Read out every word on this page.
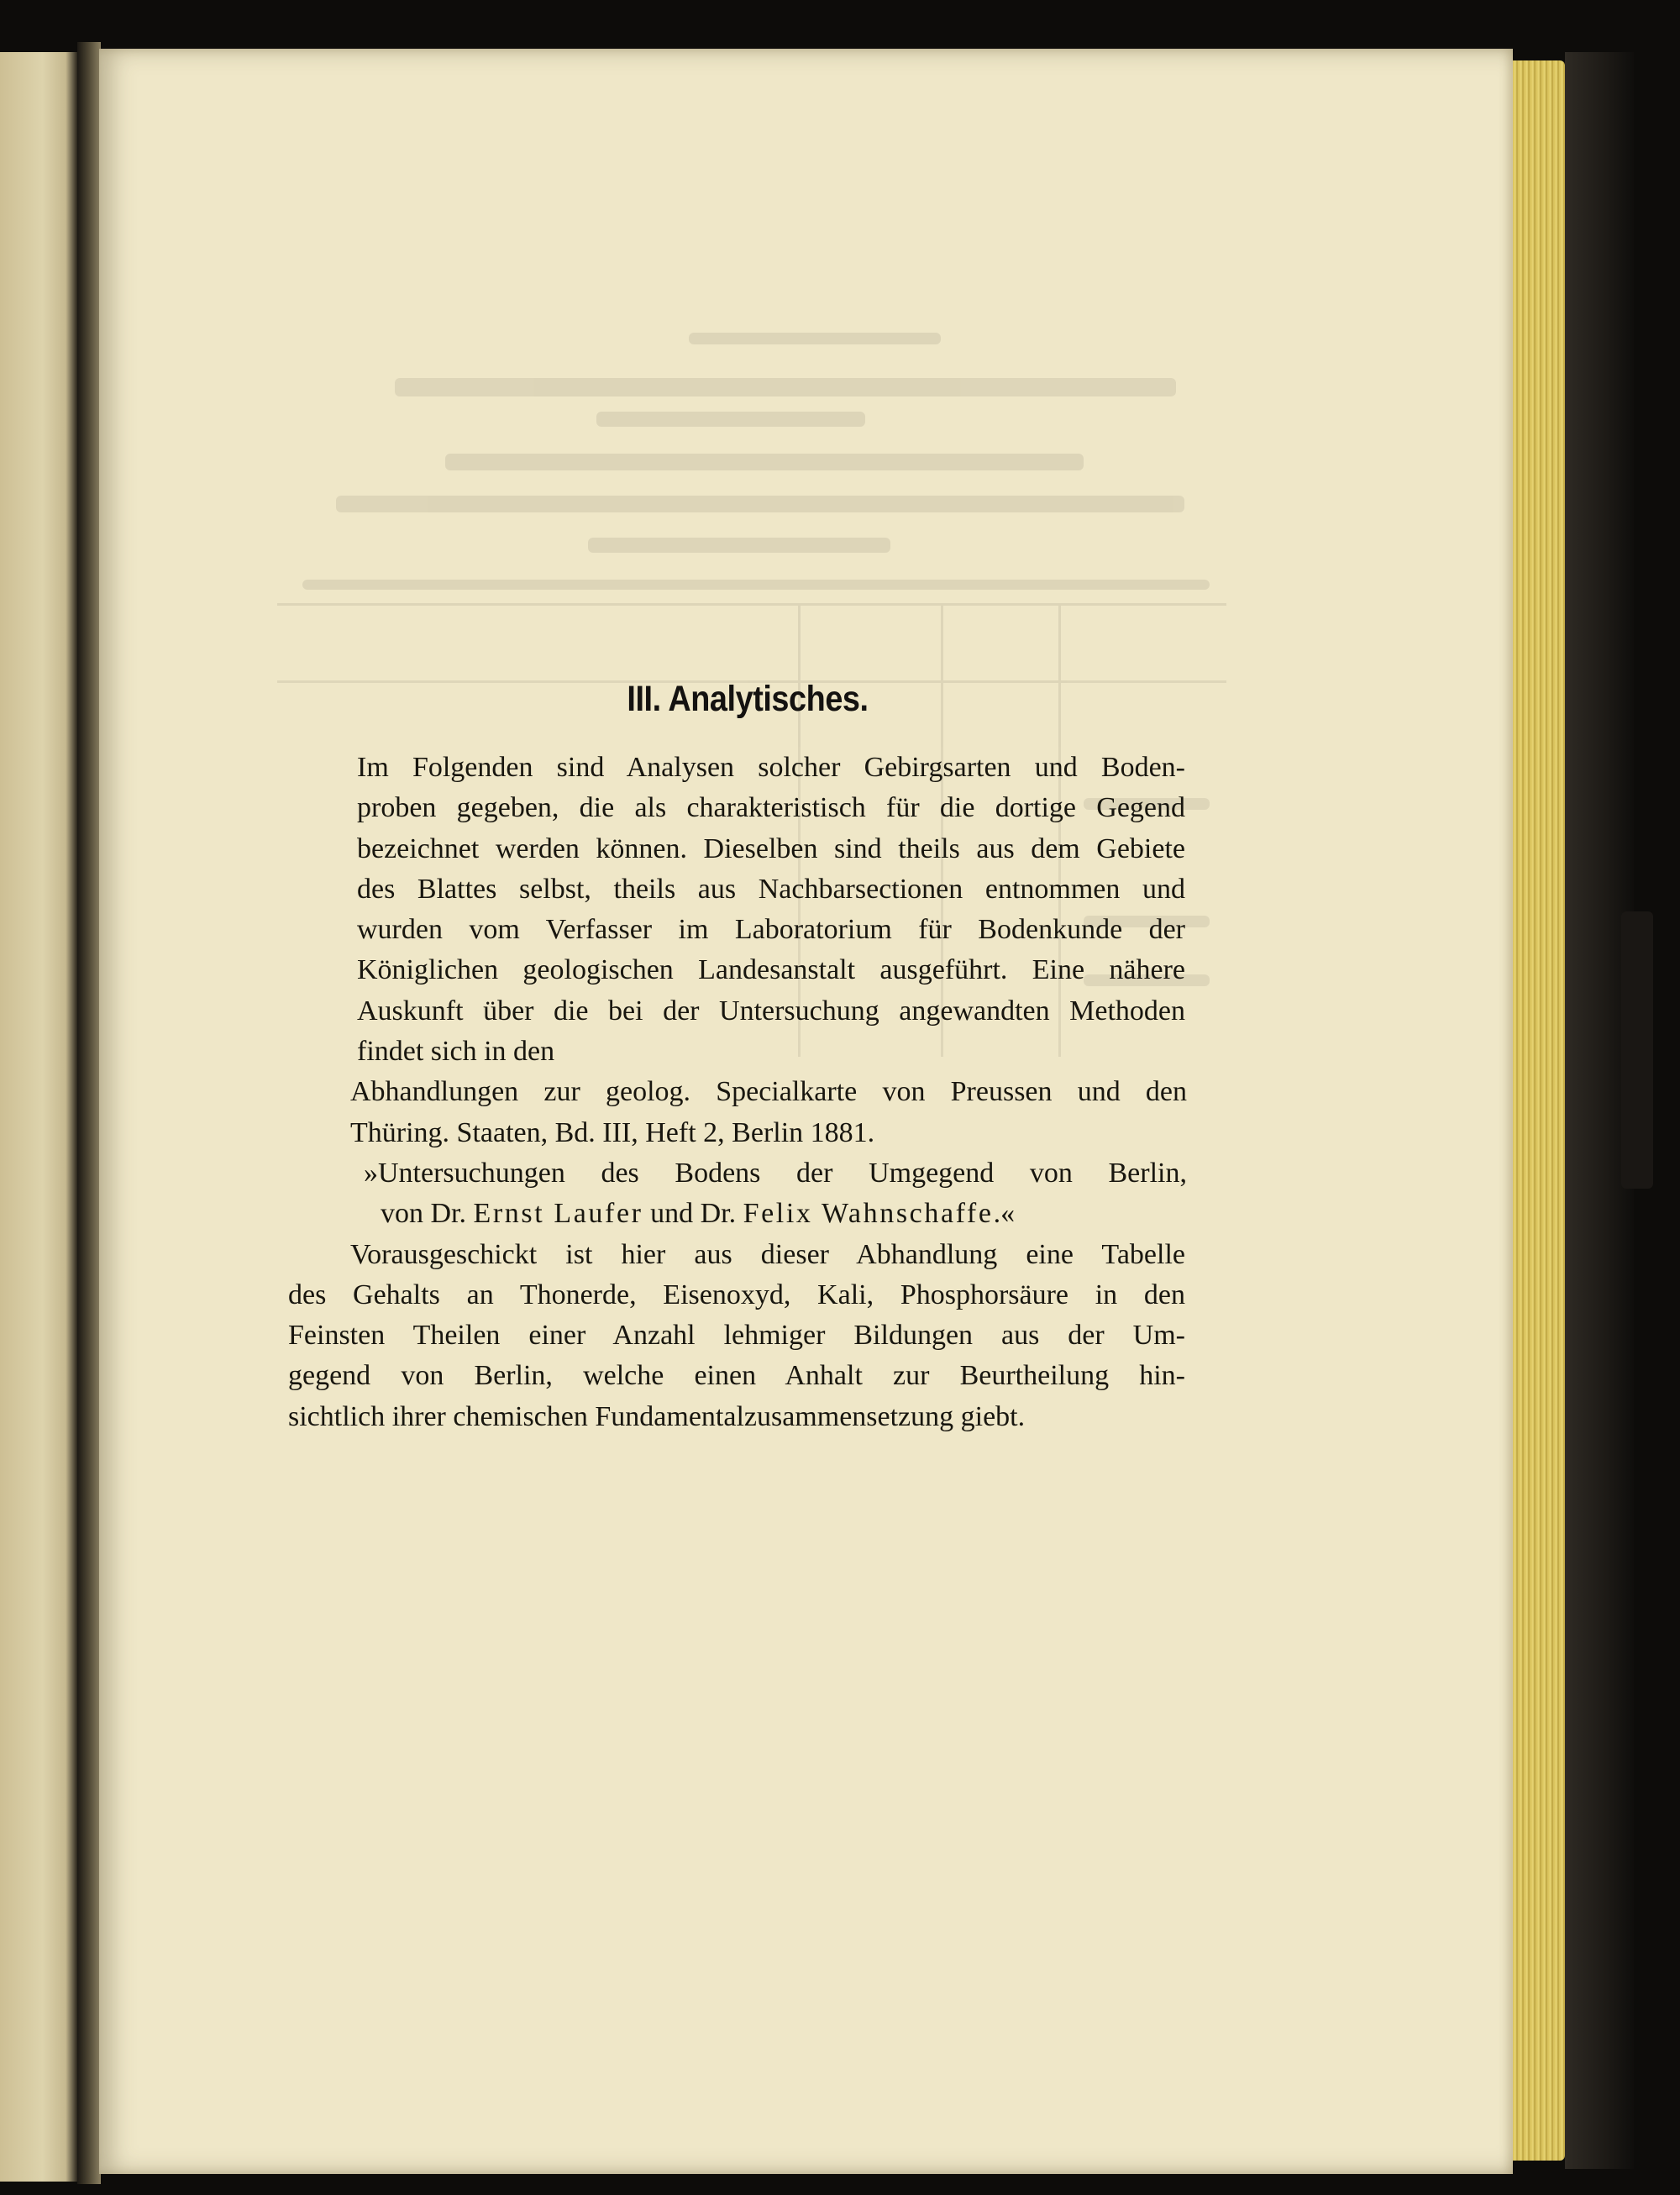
III. Analytisches.

Im Folgenden sind Analysen solcher Gebirgsarten und Boden-
proben gegeben, die als charakteristisch für die dortige Gegend
bezeichnet werden können. Dieselben sind theils aus dem Gebiete
des Blattes selbst, theils aus Nachbarsectionen entnommen und
wurden vom Verfasser im Laboratorium für Bodenkunde der
Königlichen geologischen Landesanstalt ausgeführt. Eine nähere
Auskunft über die bei der Untersuchung angewandten Methoden
findet sich in den

Abhandlungen zur geolog. Specialkarte von Preussen und den
Thüring. Staaten, Bd. III, Heft 2, Berlin 1881.
»Untersuchungen des Bodens der Umgegend von Berlin,
von Dr. Ernst Laufer und Dr. Felix Wahnschaffe.«

Vorausgeschickt ist hier aus dieser Abhandlung eine Tabelle
des Gehalts an Thonerde, Eisenoxyd, Kali, Phosphorsäure in den
Feinsten Theilen einer Anzahl lehmiger Bildungen aus der Um-
gegend von Berlin, welche einen Anhalt zur Beurtheilung hin-
sichtlich ihrer chemischen Fundamentalzusammensetzung giebt.
